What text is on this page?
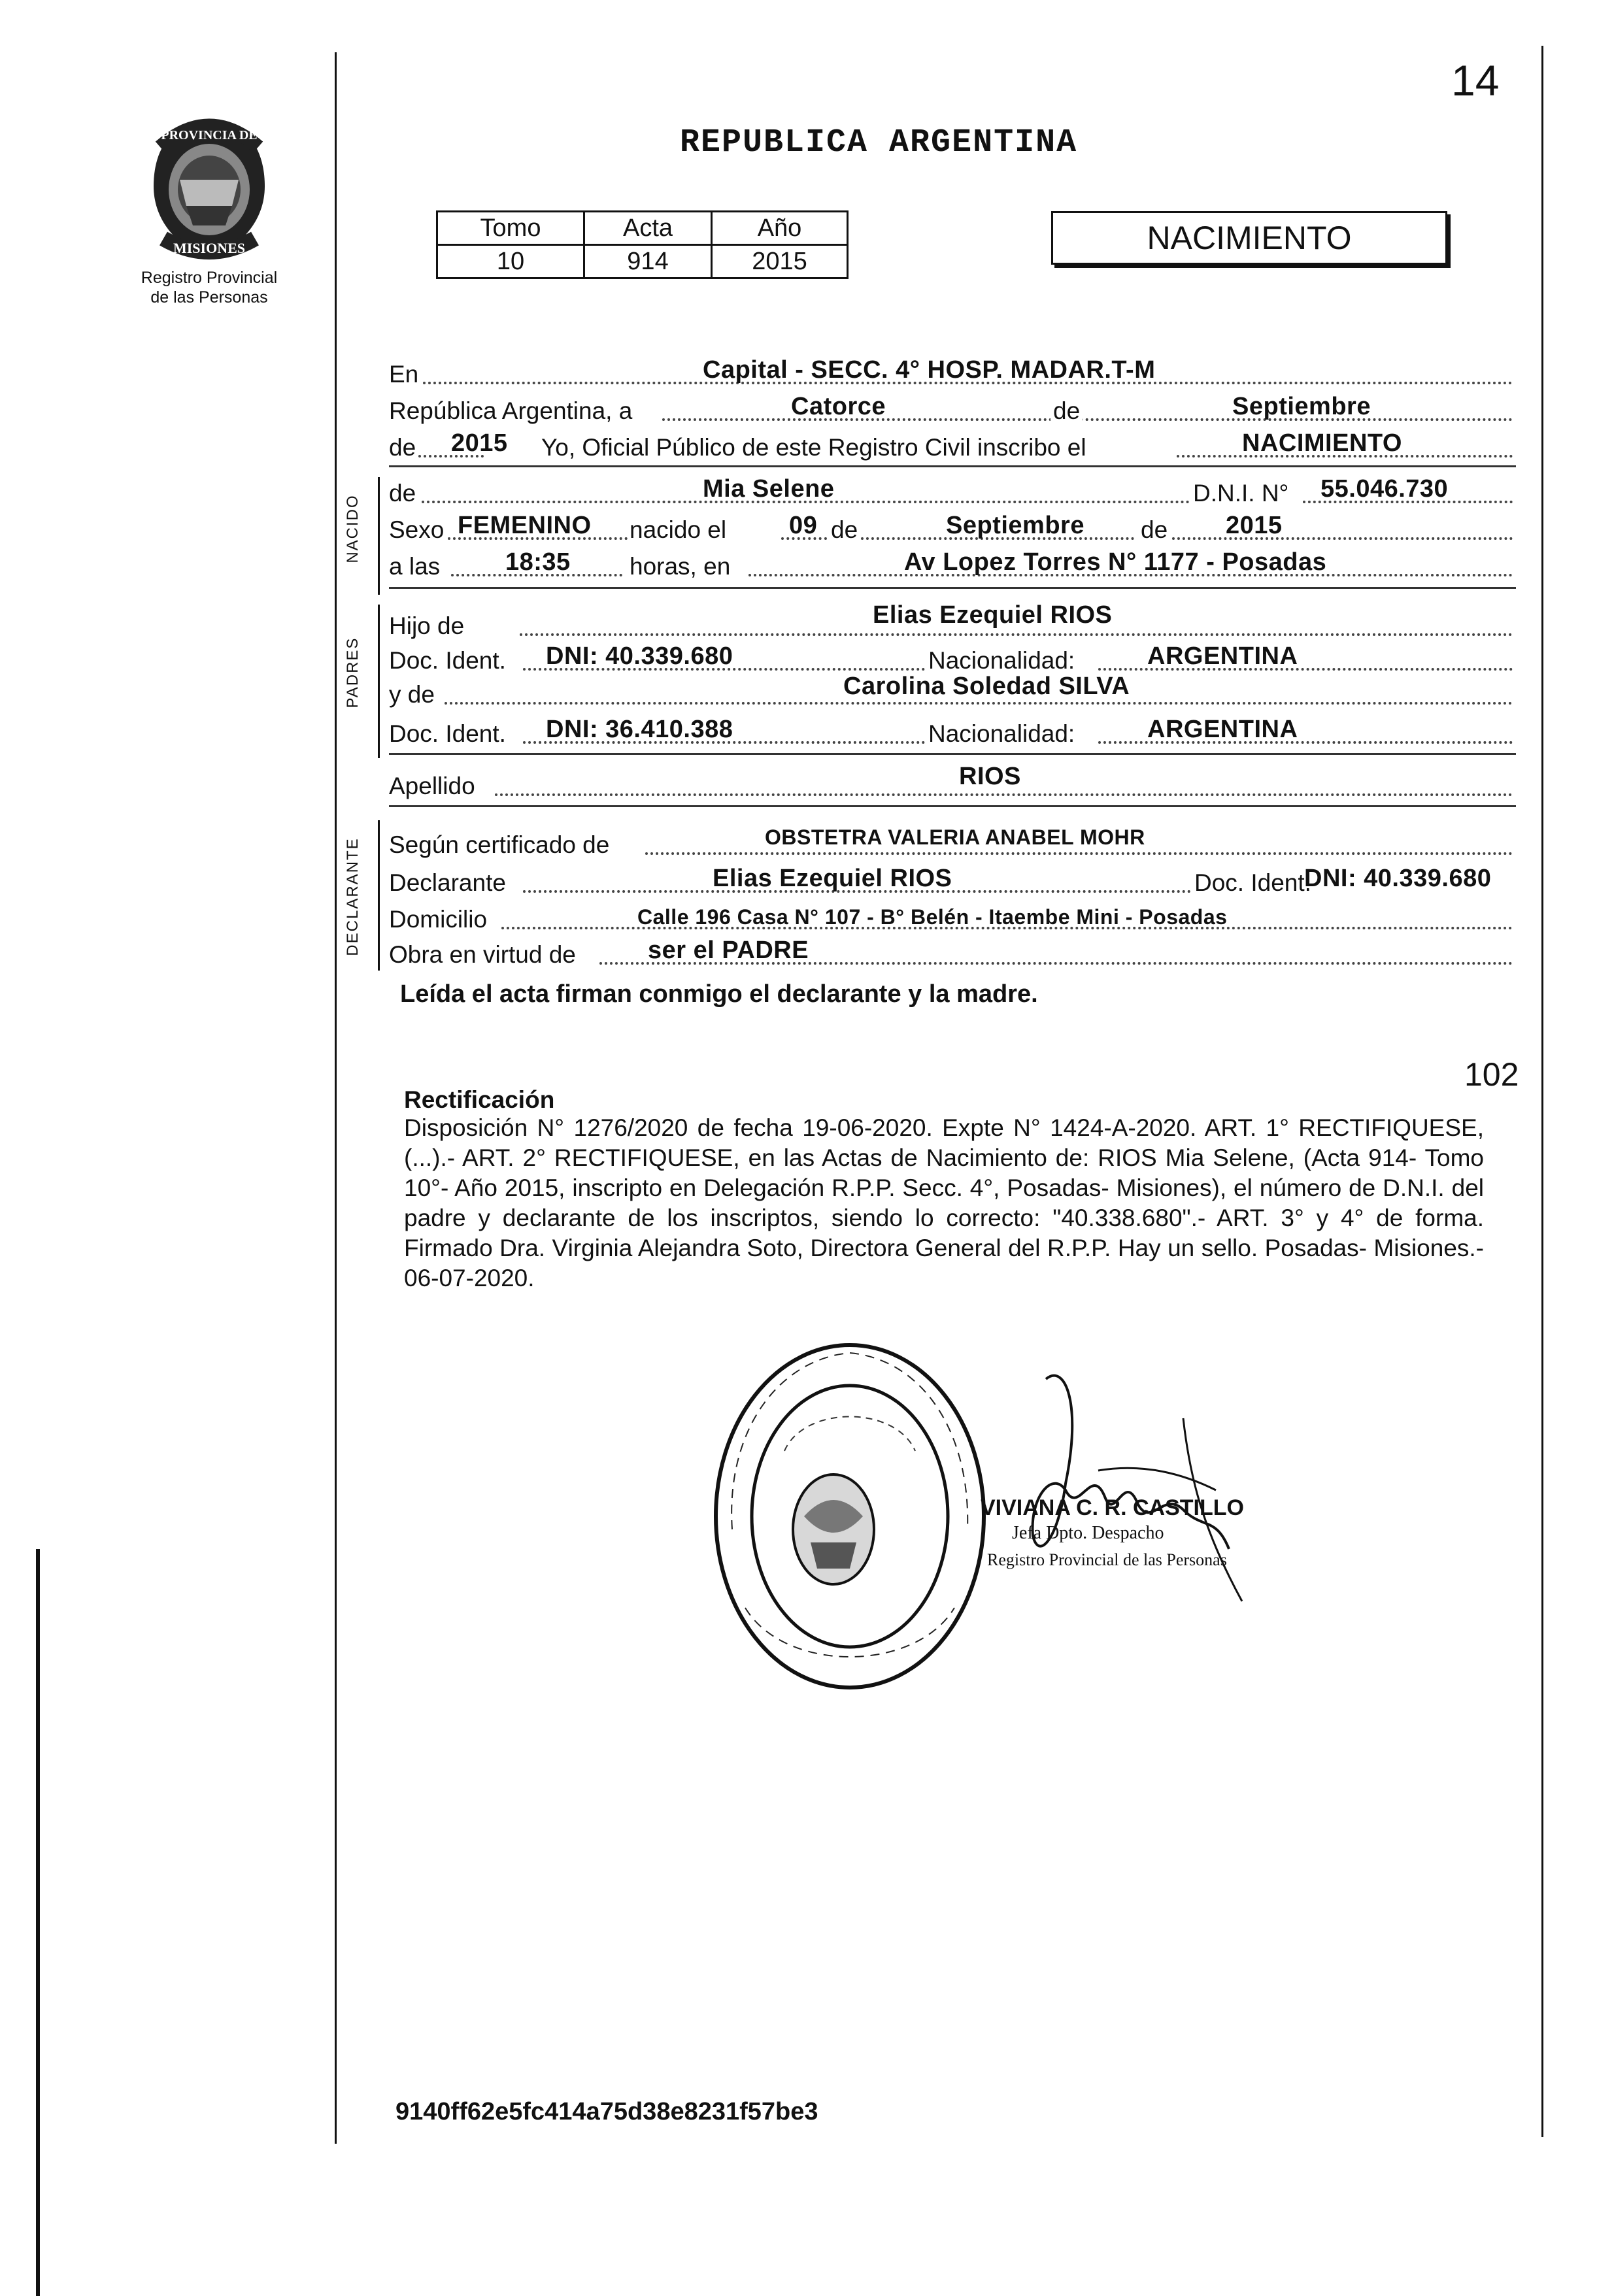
PROVINCIA DE
MISIONES
Registro Provincial
de las Personas
14
REPUBLICA ARGENTINA
Tomo	Acta	Año
10	914	2015
NACIMIENTO
En	Capital - SECC. 4° HOSP. MADAR.T-M
República Argentina, a	Catorce	de	Septiembre
de 2015 Yo, Oficial Público de este Registro Civil inscribo el	NACIMIENTO
NACIDO
de	Mia Selene	D.N.I. N° 55.046.730
Sexo FEMENINO nacido el	09 de	Septiembre de 2015
a las	18:35 horas, en	Av Lopez Torres N° 1177 - Posadas
PADRES
Hijo de	Elias Ezequiel RIOS
Doc. Ident. DNI: 40.339.680	Nacionalidad:	ARGENTINA
y de	Carolina Soledad SILVA
Doc. Ident. DNI: 36.410.388	Nacionalidad:	ARGENTINA
Apellido	RIOS
DECLARANTE Según certificado de	OBSTETRA VALERIA ANABEL MOHR
Declarante	Elias Ezequiel RIOS	Doc. Ident.
DNI: 40.339.680
Domicilio	Calle 196 Casa N° 107 - B° Belén - Itaembe Mini - Posadas
Obra en virtud de	ser el PADRE
Leída el acta firman conmigo el declarante y la madre.
102
Rectificación
Disposición N° 1276/2020 de fecha 19-06-2020. Expte N° 1424-A-2020. ART. 1° RECTIFIQUESE, (...).- ART. 2° RECTIFIQUESE, en las Actas de Nacimiento de: RIOS Mia Selene, (Acta 914- Tomo 10°- Año 2015, inscripto en Delegación R.P.P. Secc. 4°, Posadas- Misiones), el número de D.N.I. del padre y declarante de los inscriptos, siendo lo correcto: "40.338.680".- ART. 3° y 4° de forma. Firmado Dra. Virginia Alejandra Soto, Directora General del R.P.P. Hay un sello. Posadas- Misiones.- 06-07-2020.
VIVIANA C. R. CASTILLO
Jefa Dpto. Despacho
Registro Provincial de las Personas
9140ff62e5fc414a75d38e8231f57be3
